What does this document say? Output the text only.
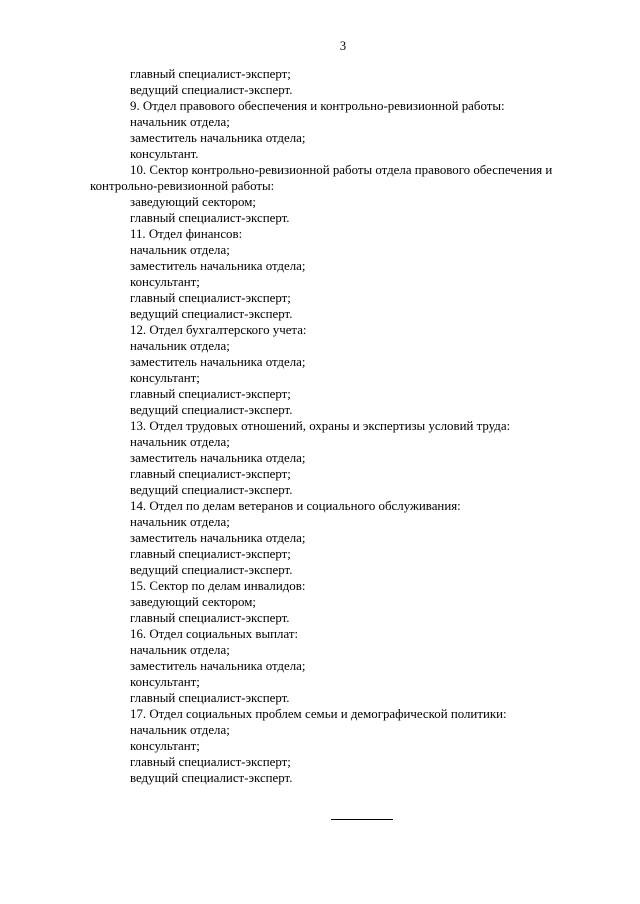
3
главный специалист-эксперт;
ведущий специалист-эксперт.
9. Отдел правового обеспечения и контрольно-ревизионной работы:
начальник отдела;
заместитель начальника отдела;
консультант.
10. Сектор контрольно-ревизионной работы отдела правового обеспечения и
контрольно-ревизионной работы:
заведующий сектором;
главный специалист-эксперт.
11. Отдел финансов:
начальник отдела;
заместитель начальника отдела;
консультант;
главный специалист-эксперт;
ведущий специалист-эксперт.
12. Отдел бухгалтерского учета:
начальник отдела;
заместитель начальника отдела;
консультант;
главный специалист-эксперт;
ведущий специалист-эксперт.
13. Отдел трудовых отношений, охраны и экспертизы условий труда:
начальник отдела;
заместитель начальника отдела;
главный специалист-эксперт;
ведущий специалист-эксперт.
14. Отдел по делам ветеранов и социального обслуживания:
начальник отдела;
заместитель начальника отдела;
главный специалист-эксперт;
ведущий специалист-эксперт.
15. Сектор по делам инвалидов:
заведующий сектором;
главный специалист-эксперт.
16. Отдел социальных выплат:
начальник отдела;
заместитель начальника отдела;
консультант;
главный специалист-эксперт.
17. Отдел социальных проблем семьи и демографической политики:
начальник отдела;
консультант;
главный специалист-эксперт;
ведущий специалист-эксперт.
